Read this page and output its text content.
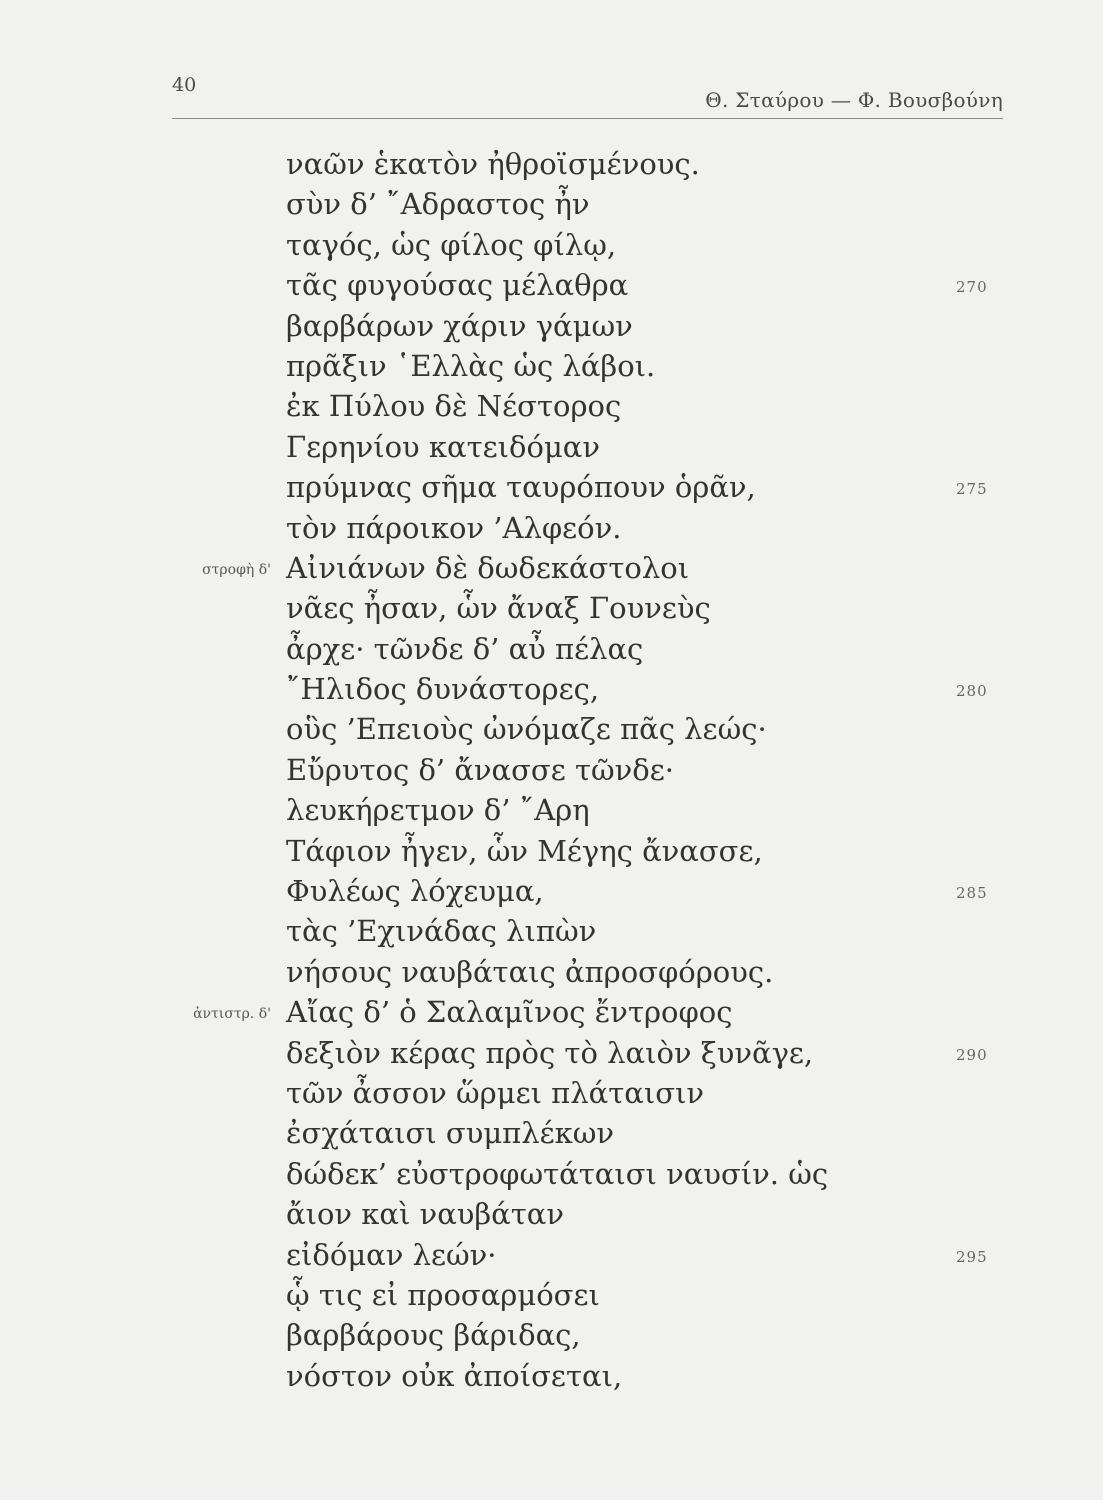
40
Θ. Σταύρου — Φ. Βουσβούνη
ναῶν ἑκατὸν ἠθροϊσμένους.
σὺν δ’ ῎Αδραστος ἦν
ταγός, ὡς φίλος φίλῳ,
τᾶς φυγούσας μέλαθρα	270
βαρβάρων χάριν γάμων
πρᾶξιν ῾Ελλὰς ὡς λάβοι.
ἐκ Πύλου δὲ Νέστορος
Γερηνίου κατειδόμαν
πρύμνας σῆμα ταυρόπουν ὁρᾶν,	275
τὸν πάροικον ’Αλφεόν.
Αἰνιάνων δὲ δωδεκάστολοι
στροφὴ δ'
νᾶες ἦσαν, ὧν ἄναξ Γουνεὺς
ἆρχε· τῶνδε δ’ αὖ πέλας
῎Ηλιδος δυνάστορες,	280
οὓς ’Επειοὺς ὠνόμαζε πᾶς λεώς·
Εὔρυτος δ’ ἄνασσε τῶνδε·
λευκήρετμον δ’ ῎Αρη
Τάφιον ἦγεν, ὧν Μέγης ἄνασσε,
Φυλέως λόχευμα,	285
τὰς ’Εχινάδας λιπὼν
νήσους ναυβάταις ἀπροσφόρους.
Αἴας δ’ ὁ Σαλαμῖνος ἔντροφος
ἀντιστρ. δ'
δεξιὸν κέρας πρὸς τὸ λαιὸν ξυνᾶγε,	290
τῶν ἆσσον ὥρμει πλάταισιν
ἐσχάταισι συμπλέκων
δώδεκ’ εὐστροφωτάταισι ναυσίν. ὡς
ἄιον καὶ ναυβάταν
εἰδόμαν λεών·	295
ᾧ τις εἰ προσαρμόσει
βαρβάρους βάριδας,
νόστον οὐκ ἀποίσεται,
